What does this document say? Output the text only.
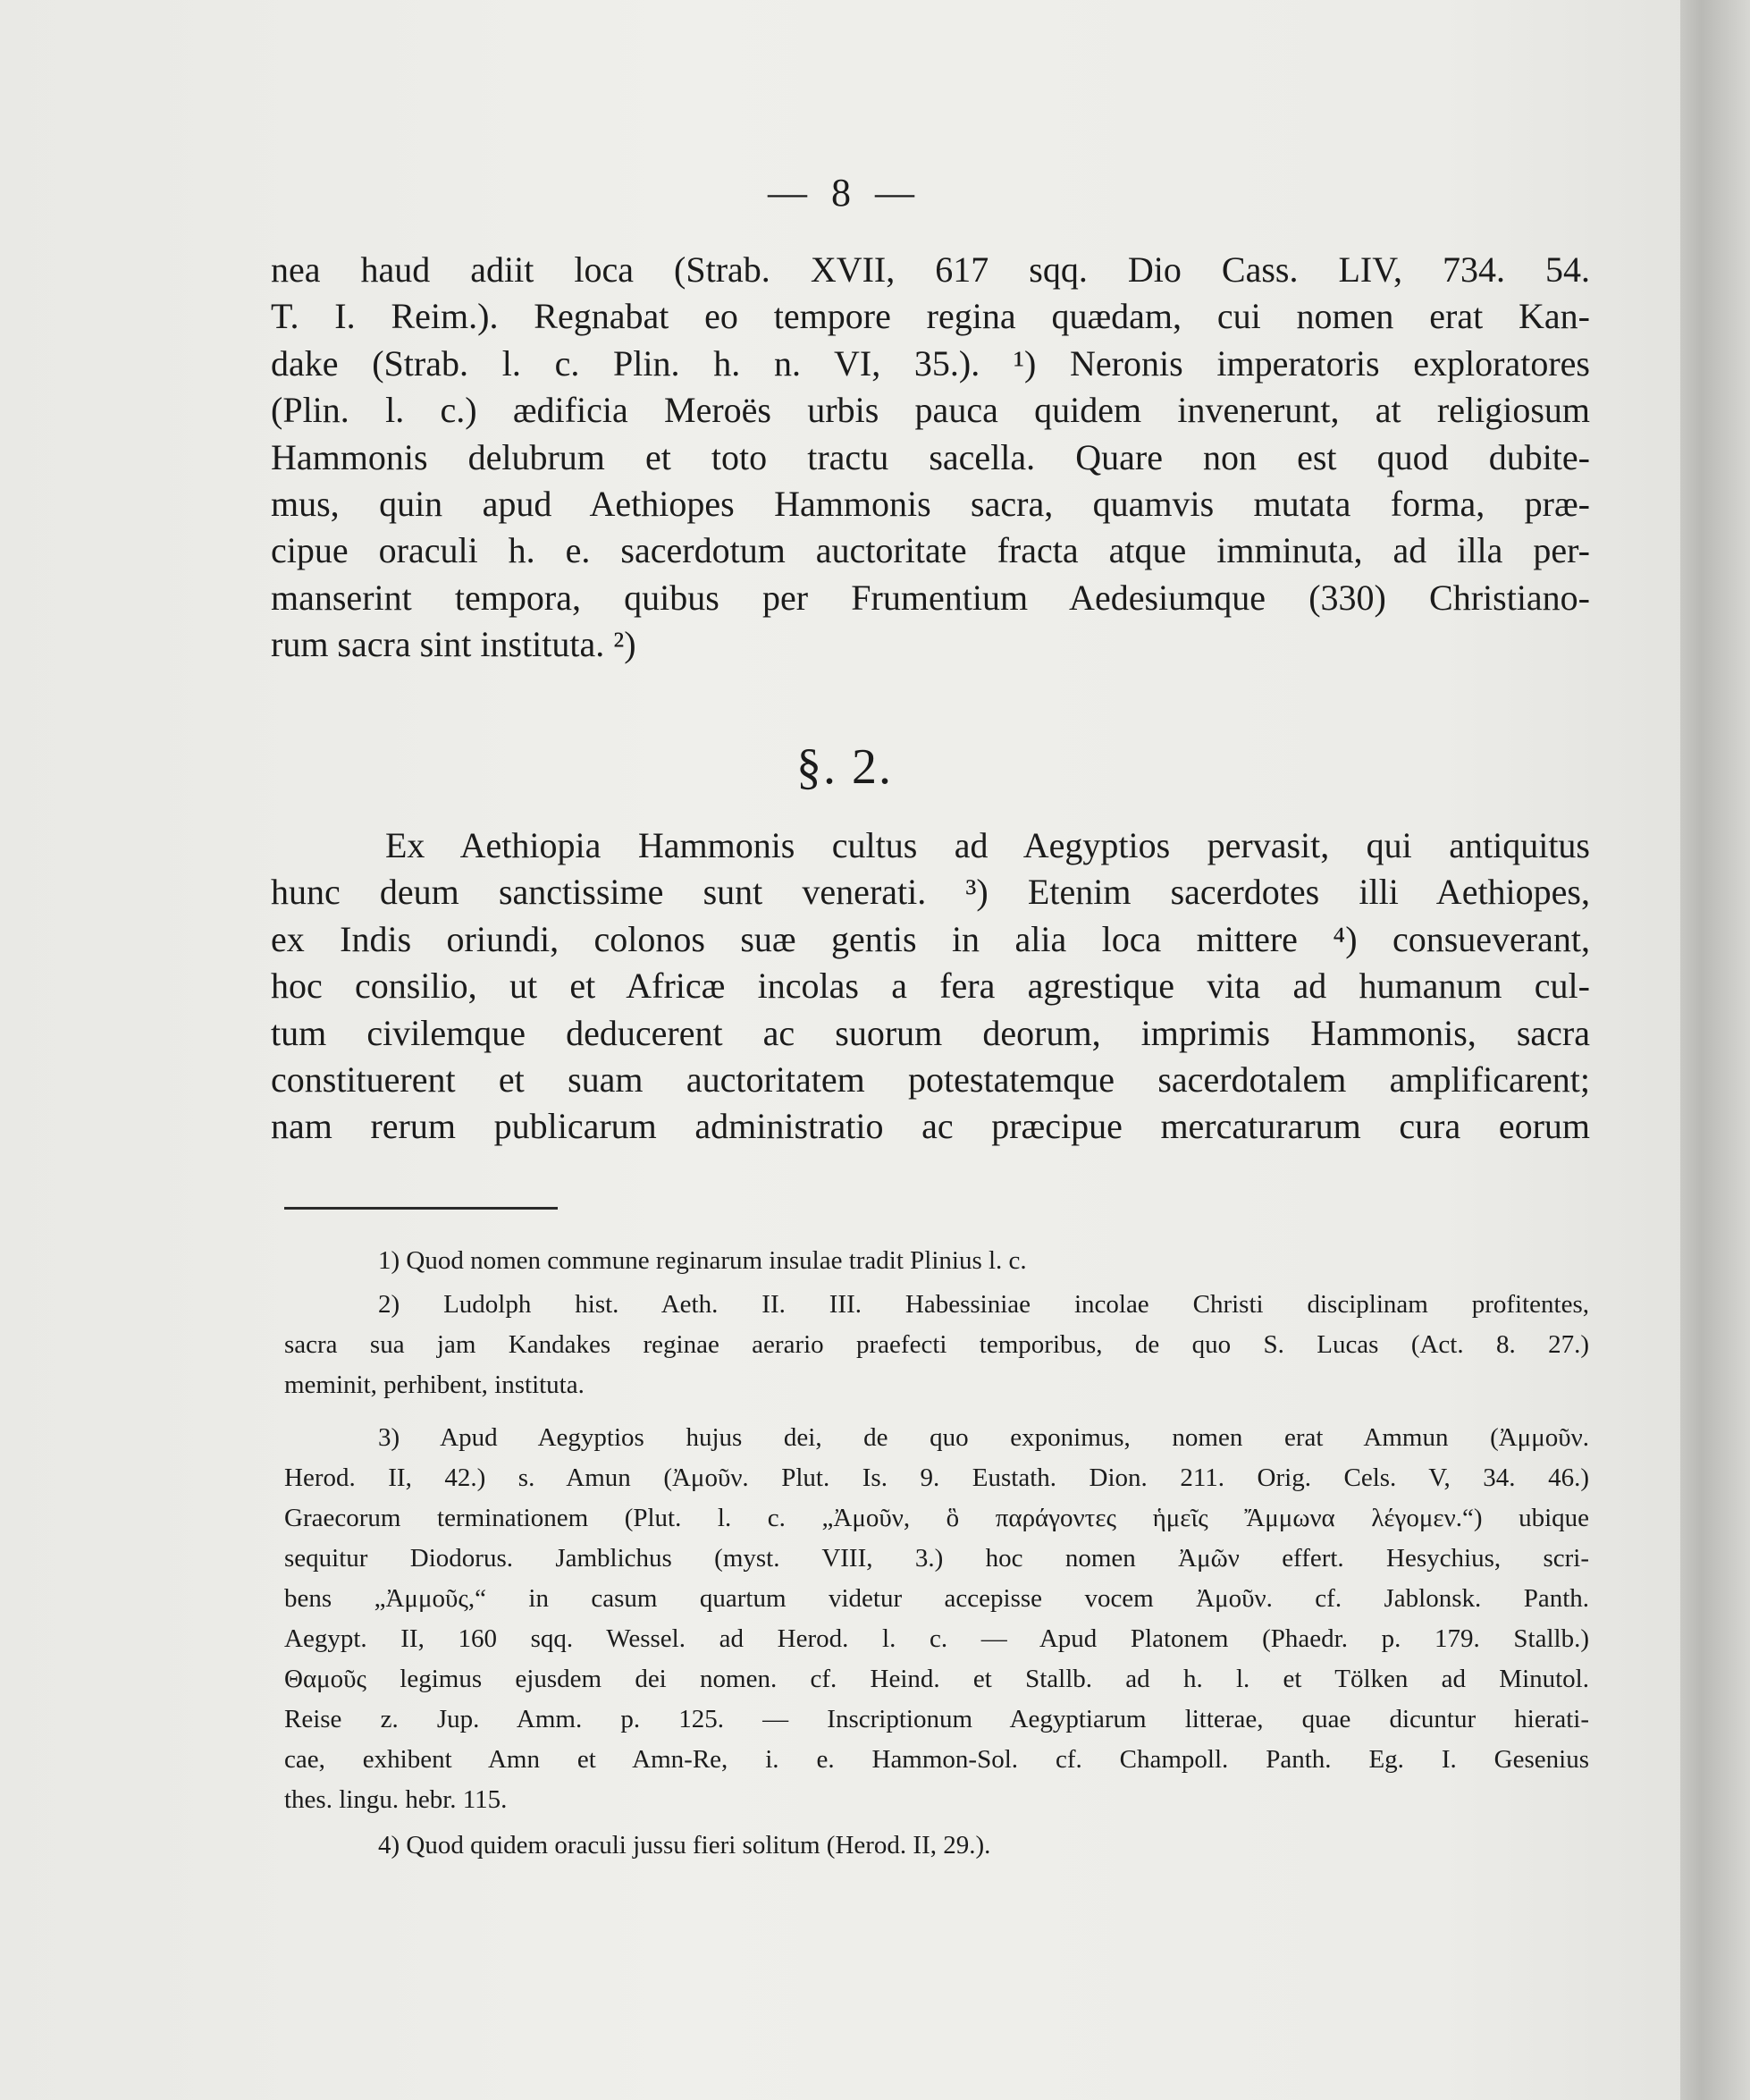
— 8 —
nea haud adiit loca (Strab. XVII, 617 sqq. Dio Cass. LIV, 734. 54.
T. I. Reim.). Regnabat eo tempore regina quædam, cui nomen erat Kan-
dake (Strab. l. c. Plin. h. n. VI, 35.). ¹) Neronis imperatoris exploratores
(Plin. l. c.) ædificia Meroës urbis pauca quidem invenerunt, at religiosum
Hammonis delubrum et toto tractu sacella. Quare non est quod dubite-
mus, quin apud Aethiopes Hammonis sacra, quamvis mutata forma, præ-
cipue oraculi h. e. sacerdotum auctoritate fracta atque imminuta, ad illa per-
manserint tempora, quibus per Frumentium Aedesiumque (330) Christiano-
rum sacra sint instituta. ²)
§. 2.
Ex Aethiopia Hammonis cultus ad Aegyptios pervasit, qui antiquitus
hunc deum sanctissime sunt venerati. ³) Etenim sacerdotes illi Aethiopes,
ex Indis oriundi, colonos suæ gentis in alia loca mittere ⁴) consueverant,
hoc consilio, ut et Africæ incolas a fera agrestique vita ad humanum cul-
tum civilemque deducerent ac suorum deorum, imprimis Hammonis, sacra
constituerent et suam auctoritatem potestatemque sacerdotalem amplificarent;
nam rerum publicarum administratio ac præcipue mercaturarum cura eorum
1) Quod nomen commune reginarum insulae tradit Plinius l. c.
2) Ludolph hist. Aeth. II. III. Habessiniae incolae Christi disciplinam profitentes,
sacra sua jam Kandakes reginae aerario praefecti temporibus, de quo S. Lucas (Act. 8. 27.)
meminit, perhibent, instituta.
3) Apud Aegyptios hujus dei, de quo exponimus, nomen erat Ammun (Ἀμμοῦν.
Herod. II, 42.) s. Amun (Ἀμοῦν. Plut. Is. 9. Eustath. Dion. 211. Orig. Cels. V, 34. 46.)
Graecorum terminationem (Plut. l. c. „Ἀμοῦν, ὃ παράγοντες ἡμεῖς Ἄμμωνα λέγομεν.“) ubique
sequitur Diodorus. Jamblichus (myst. VIII, 3.) hoc nomen Ἀμῶν effert. Hesychius, scri-
bens „Ἀμμοῦς,“ in casum quartum videtur accepisse vocem Ἀμοῦν. cf. Jablonsk. Panth.
Aegypt. II, 160 sqq. Wessel. ad Herod. l. c. — Apud Platonem (Phaedr. p. 179. Stallb.)
Θαμοῦς legimus ejusdem dei nomen. cf. Heind. et Stallb. ad h. l. et Tölken ad Minutol.
Reise z. Jup. Amm. p. 125. — Inscriptionum Aegyptiarum litterae, quae dicuntur hierati-
cae, exhibent Amn et Amn-Re, i. e. Hammon-Sol. cf. Champoll. Panth. Eg. I. Gesenius
thes. lingu. hebr. 115.
4) Quod quidem oraculi jussu fieri solitum (Herod. II, 29.).
